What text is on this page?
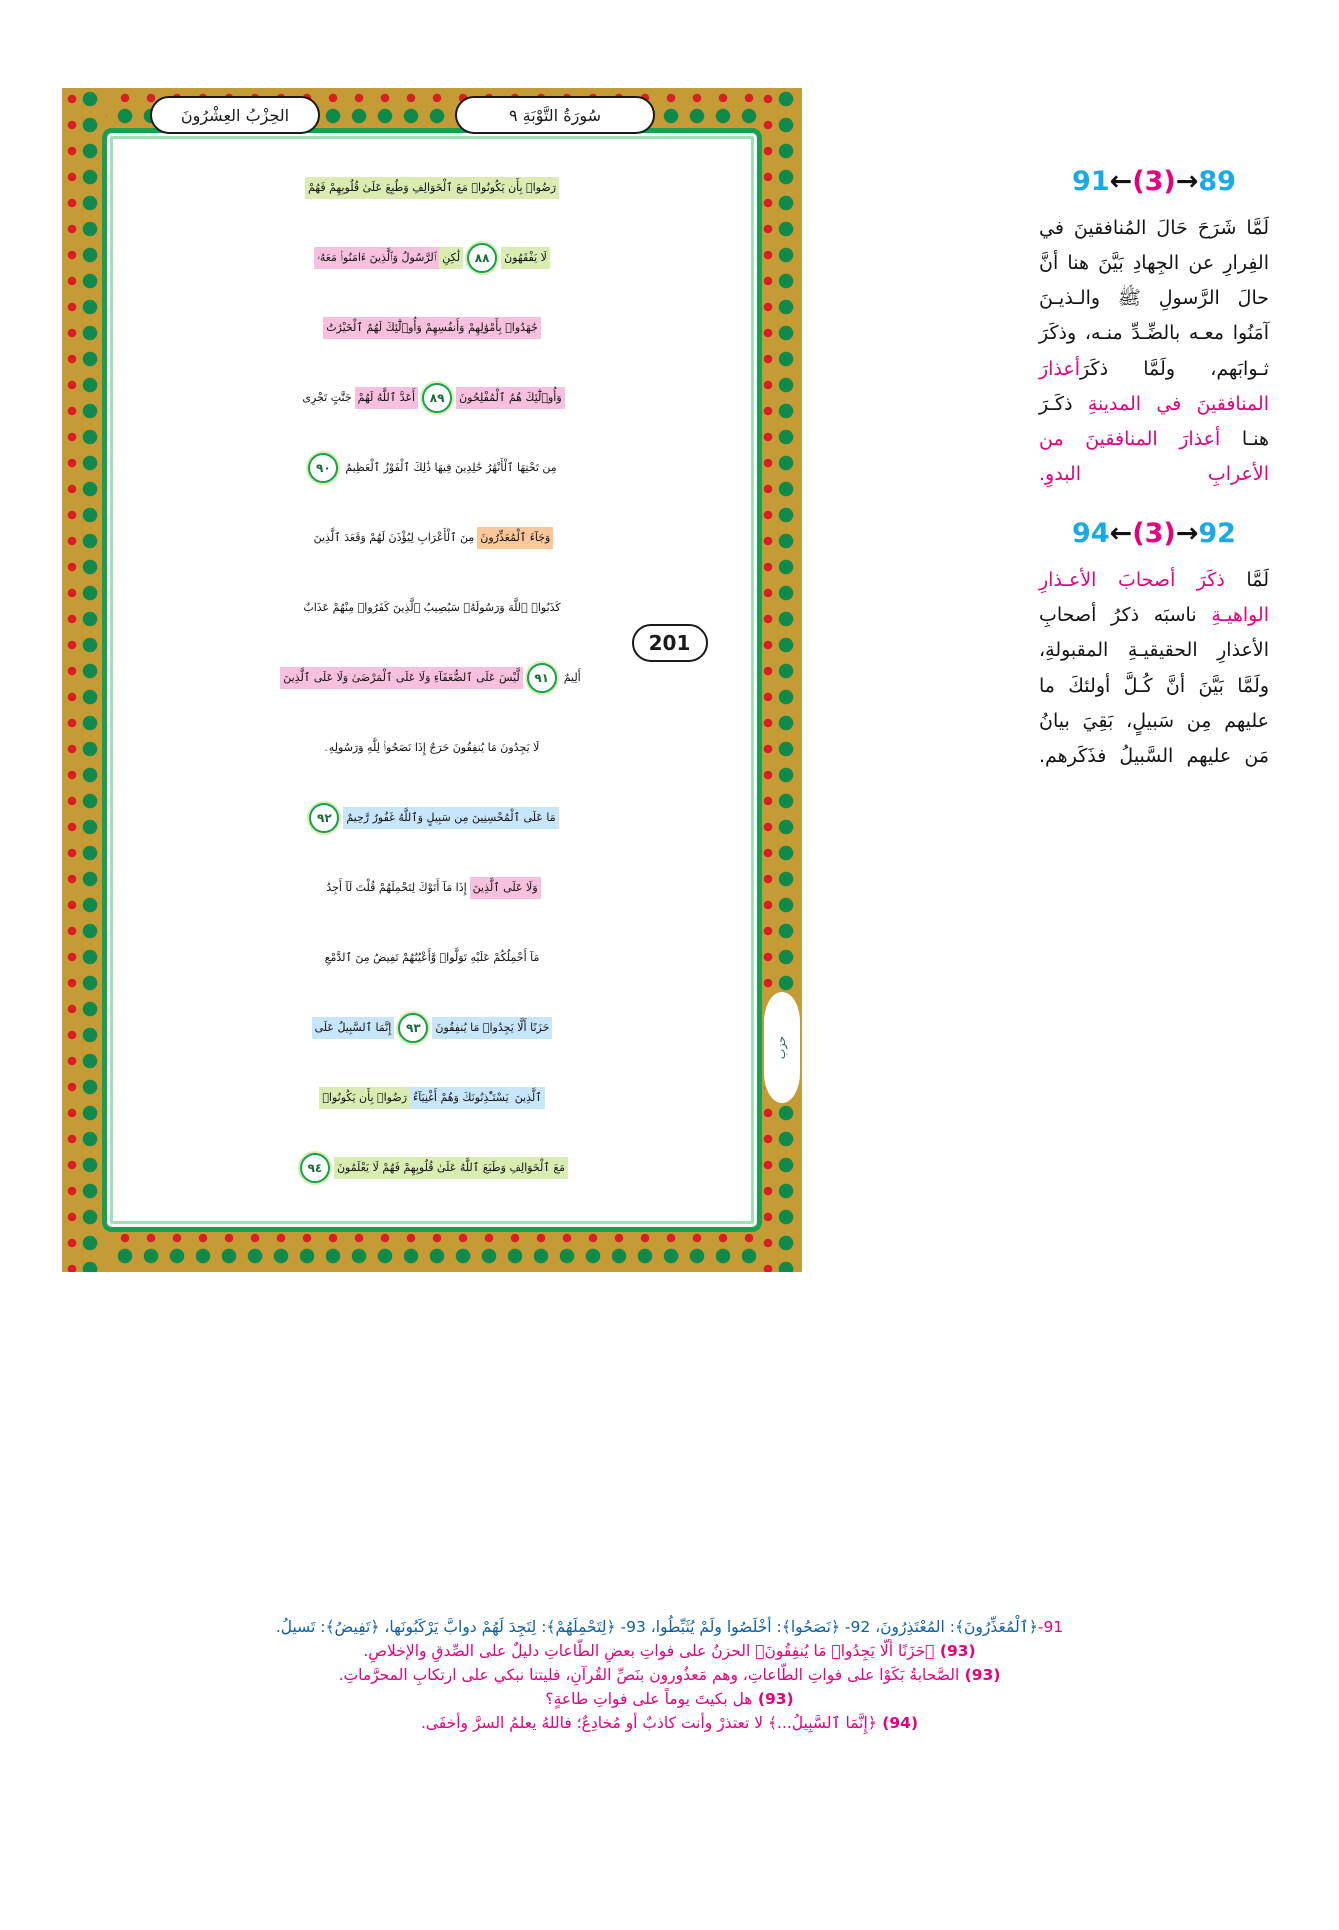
سُورَةُ التَّوْبَةِ ٩
الحِزْبُ العِشْرُونَ
201
حزب
رَضُوا۟ بِأَن يَكُونُوا۟ مَعَ ٱلْخَوَالِفِ وَطُبِعَ عَلَىٰ قُلُوبِهِمْ فَهُمْ
لَا يَفْقَهُونَ
٨٨
لَٰكِنِ
ٱلرَّسُولُ وَٱلَّذِينَ ءَامَنُوا۟ مَعَهُۥ
جَٰهَدُوا۟ بِأَمْوَٰلِهِمْ وَأَنفُسِهِمْ وَأُو۟لَٰٓئِكَ لَهُمُ ٱلْخَيْرَٰتُ
وَأُو۟لَٰٓئِكَ هُمُ ٱلْمُفْلِحُونَ
٨٩
أَعَدَّ ٱللَّهُ لَهُمْ
جَنَّٰتٍ تَجْرِى
مِن تَحْتِهَا ٱلْأَنْهَٰرُ خَٰلِدِينَ فِيهَا ذَٰلِكَ ٱلْفَوْزُ ٱلْعَظِيمُ
٩٠
وَجَآءَ ٱلْمُعَذِّرُونَ
مِنَ ٱلْأَعْرَابِ لِيُؤْذَنَ لَهُمْ وَقَعَدَ ٱلَّذِينَ
كَذَبُوا۟ ٱللَّهَ وَرَسُولَهُۥ سَيُصِيبُ ٱلَّذِينَ كَفَرُوا۟ مِنْهُمْ عَذَابٌ
أَلِيمٌ
٩١
لَّيْسَ عَلَى ٱلضُّعَفَآءِ وَلَا عَلَى ٱلْمَرْضَىٰ وَلَا عَلَى ٱلَّذِينَ
لَا يَجِدُونَ مَا يُنفِقُونَ حَرَجٌ إِذَا نَصَحُوا۟ لِلَّهِ وَرَسُولِهِۦ
مَا عَلَى ٱلْمُحْسِنِينَ مِن سَبِيلٍ وَٱللَّهُ غَفُورٌ رَّحِيمٌ
٩٢
وَلَا عَلَى ٱلَّذِينَ
إِذَا مَآ أَتَوْكَ لِتَحْمِلَهُمْ قُلْتَ لَآ أَجِدُ
مَآ أَحْمِلُكُمْ عَلَيْهِ تَوَلَّوا۟ وَّأَعْيُنُهُمْ تَفِيضُ مِنَ ٱلدَّمْعِ
حَزَنًا أَلَّا يَجِدُوا۟ مَا يُنفِقُونَ
٩٣
إِنَّمَا ٱلسَّبِيلُ عَلَى
ٱلَّذِينَ
يَسْتَـْٔذِنُونَكَ وَهُمْ أَغْنِيَآءُ
رَضُوا۟ بِأَن يَكُونُوا۟
مَعَ ٱلْخَوَالِفِ وَطَبَعَ ٱللَّهُ عَلَىٰ قُلُوبِهِمْ فَهُمْ لَا يَعْلَمُونَ
٩٤
91←(3)→89

لَمَّا شَرَحَ حَالَ المُنافقينَ في الفِرارِ عن الجِهادِ بَيَّنَ هنا أنَّ حالَ الرَّسولِ ﷺ والـذيـنَ آمَنُوا معـه بالضِّـدِّ منـه، وذكَرَ ثـوابَهم، ولَمَّا ذكَرَأعذارَ المنافقينَ في المدينةِ ذكَـرَ هنـا أعذارَ المنافقينَ من الأعرابِ البدوِ.

94←(3)→92

لَمَّا ذكَرَ أصحابَ الأعـذارِ الواهيـةِ ناسبَه ذكرُ أصحابِ الأعذارِ الحقيقيـةِ المقبولةِ، ولَمَّا بَيَّنَ أنَّ كُـلَّ أولئكَ ما عليهم مِن سَبيلٍ، بَقِيَ بيانُ مَن عليهم السَّبيلُ فذَكَرهم.

91-﴿ٱلْمُعَذِّرُونَ﴾: المُعْتَذِرُونَ، 92- ﴿نَصَحُوا﴾: أخْلَصُوا ولَمْ يُثَبِّطُوا، 93- ﴿لِتَحْمِلَهُمْ﴾: لِتَجِدَ لَهُمْ دوابَّ يَرْكَبُونَها، ﴿تَفِيضُ﴾: تَسيلُ.
(93) ﴿حَزَنًا أَلَّا يَجِدُوا۟ مَا يُنفِقُونَ﴾ الحزنُ على فواتِ بعضِ الطَّاعاتِ دليلٌ على الصِّدقِ والإخلاصِ.
(93) الصَّحابةُ بَكَوْا على فواتِ الطَّاعاتِ، وهم مَعذُورون بنَصِّ القُرآنِ، فليتنا نبكي على ارتكابِ المحرَّماتِ.
(93) هل بكيتَ يوماً على فواتِ طاعةٍ؟
(94) ﴿إِنَّمَا ٱلسَّبِيلُ...﴾ لا تعتذرْ وأنت كاذبٌ أو مُخادِعٌ؛ فاللهُ يعلمُ السرَّ وأخفَى.
